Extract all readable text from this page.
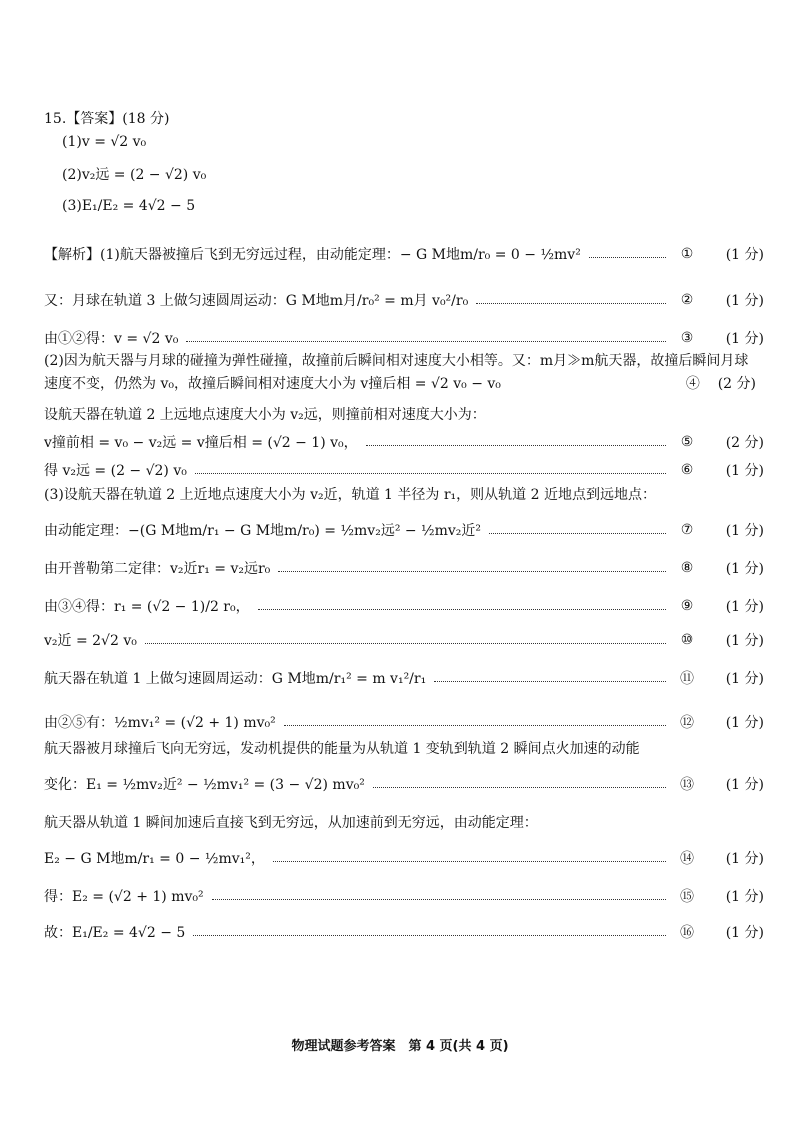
15.【答案】(18 分)
(1)v = √2 v₀
(2)v₂远 = (2 − √2) v₀
(3)E₁/E₂ = 4√2 − 5
【解析】(1)航天器被撞后飞到无穷远过程，由动能定理：− G M地m/r₀ = 0 − ½mv²	①	(1 分)
又：月球在轨道 3 上做匀速圆周运动：G M地m月/r₀² = m月 v₀²/r₀	②	(1 分)
由①②得：v = √2 v₀	③	(1 分)
(2)因为航天器与月球的碰撞为弹性碰撞，故撞前后瞬间相对速度大小相等。又：m月≫m航天器，故撞后瞬间月球速度不变，仍然为 v₀，故撞后瞬间相对速度大小为 v撞后相 = √2 v₀ − v₀	④ (2 分)
设航天器在轨道 2 上远地点速度大小为 v₂远，则撞前相对速度大小为：
v撞前相 = v₀ − v₂远 = v撞后相 = (√2 − 1) v₀，	⑤	(2 分)
得 v₂远 = (2 − √2) v₀	⑥	(1 分)
(3)设航天器在轨道 2 上近地点速度大小为 v₂近，轨道 1 半径为 r₁，则从轨道 2 近地点到远地点：
由动能定理：−(G M地m/r₁ − G M地m/r₀) = ½mv₂远² − ½mv₂近²	⑦	(1 分)
由开普勒第二定律：v₂近r₁ = v₂远r₀	⑧	(1 分)
由③④得：r₁ = (√2 − 1)/2 r₀，	⑨	(1 分)
v₂近 = 2√2 v₀	⑩	(1 分)
航天器在轨道 1 上做匀速圆周运动：G M地m/r₁² = m v₁²/r₁	⑪	(1 分)
由②⑤有：½mv₁² = (√2 + 1) mv₀²	⑫	(1 分)
航天器被月球撞后飞向无穷远，发动机提供的能量为从轨道 1 变轨到轨道 2 瞬间点火加速的动能
变化：E₁ = ½mv₂近² − ½mv₁² = (3 − √2) mv₀²	⑬	(1 分)
航天器从轨道 1 瞬间加速后直接飞到无穷远，从加速前到无穷远，由动能定理：
E₂ − G M地m/r₁ = 0 − ½mv₁²，	⑭	(1 分)
得：E₂ = (√2 + 1) mv₀²	⑮	(1 分)
故：E₁/E₂ = 4√2 − 5	⑯	(1 分)
物理试题参考答案　第 4 页(共 4 页)
